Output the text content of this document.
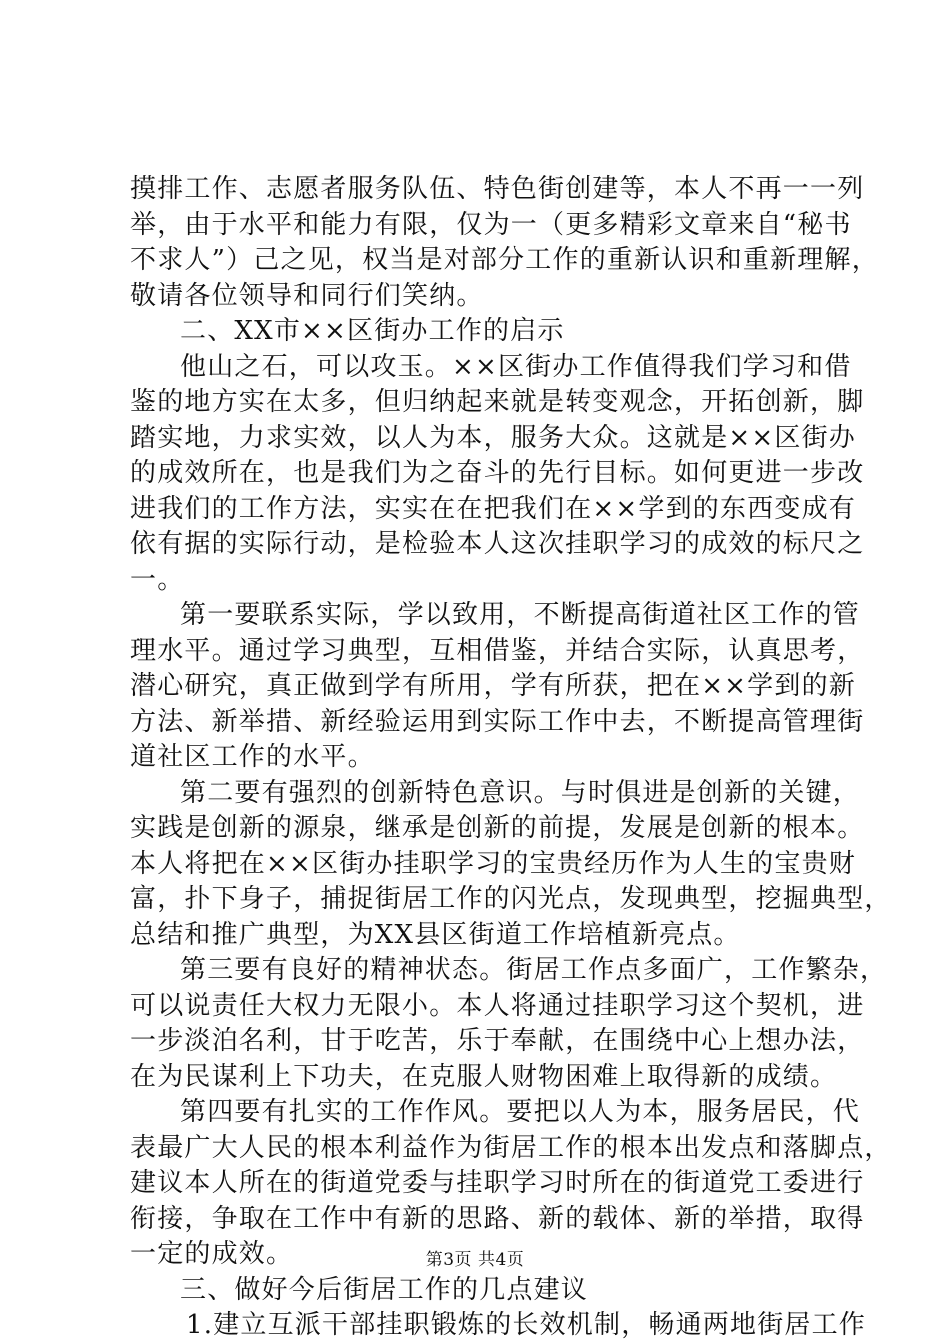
摸排工作、志愿者服务队伍、特色街创建等，本人不再一一列
举，由于水平和能力有限，仅为一（更多精彩文章来自“秘书
不求人”）己之见，权当是对部分工作的重新认识和重新理解，
敬请各位领导和同行们笑纳。
二、XX市××区街办工作的启示
他山之石，可以攻玉。××区街办工作值得我们学习和借
鉴的地方实在太多，但归纳起来就是转变观念，开拓创新，脚
踏实地，力求实效，以人为本，服务大众。这就是××区街办
的成效所在，也是我们为之奋斗的先行目标。如何更进一步改
进我们的工作方法，实实在在把我们在××学到的东西变成有
依有据的实际行动，是检验本人这次挂职学习的成效的标尺之
一。
第一要联系实际，学以致用，不断提高街道社区工作的管
理水平。通过学习典型，互相借鉴，并结合实际，认真思考，
潜心研究，真正做到学有所用，学有所获，把在××学到的新
方法、新举措、新经验运用到实际工作中去，不断提高管理街
道社区工作的水平。
第二要有强烈的创新特色意识。与时俱进是创新的关键，
实践是创新的源泉，继承是创新的前提，发展是创新的根本。
本人将把在××区街办挂职学习的宝贵经历作为人生的宝贵财
富，扑下身子，捕捉街居工作的闪光点，发现典型，挖掘典型，
总结和推广典型，为XX县区街道工作培植新亮点。
第三要有良好的精神状态。街居工作点多面广，工作繁杂，
可以说责任大权力无限小。本人将通过挂职学习这个契机，进
一步淡泊名利，甘于吃苦，乐于奉献，在围绕中心上想办法，
在为民谋利上下功夫，在克服人财物困难上取得新的成绩。
第四要有扎实的工作作风。要把以人为本，服务居民，代
表最广大人民的根本利益作为街居工作的根本出发点和落脚点，
建议本人所在的街道党委与挂职学习时所在的街道党工委进行
衔接，争取在工作中有新的思路、新的载体、新的举措，取得
一定的成效。
三、做好今后街居工作的几点建议
1.建立互派干部挂职锻炼的长效机制，畅通两地街居工作
第3页 共4页
